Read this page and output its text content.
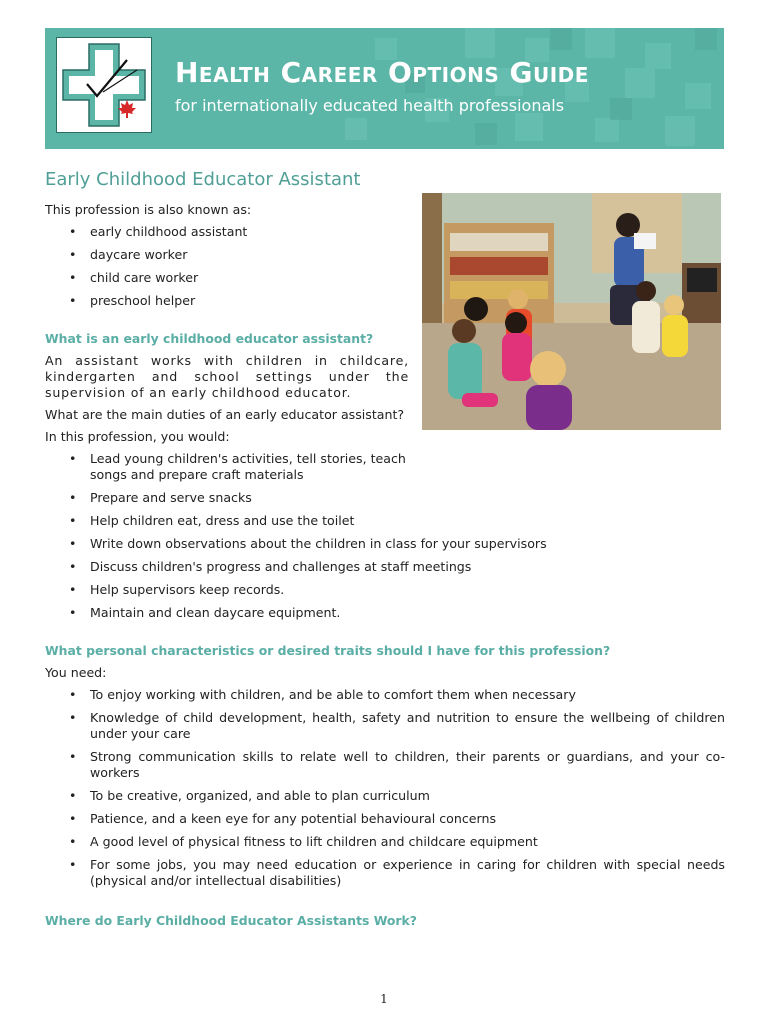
Health Career Options Guide
for internationally educated health professionals
Early Childhood Educator Assistant

This profession is also known as:

• early childhood assistant
• daycare worker
• child care worker
• preschool helper
What is an early childhood educator assistant?

An assistant works with children in childcare, kindergarten and school settings under the supervision of an early childhood educator.

What are the main duties of an early educator assistant?

In this profession, you would:

• Lead young children's activities, tell stories, teach songs and prepare craft materials
• Prepare and serve snacks
• Help children eat, dress and use the toilet
• Write down observations about the children in class for your supervisors
• Discuss children's progress and challenges at staff meetings
• Help supervisors keep records.
• Maintain and clean daycare equipment.
What personal characteristics or desired traits should I have for this profession?

You need:

• To enjoy working with children, and be able to comfort them when necessary
• Knowledge of child development, health, safety and nutrition to ensure the wellbeing of children under your care
• Strong communication skills to relate well to children, their parents or guardians, and your co-workers
• To be creative, organized, and able to plan curriculum
• Patience, and a keen eye for any potential behavioural concerns
• A good level of physical fitness to lift children and childcare equipment
• For some jobs, you may need education or experience in caring for children with special needs (physical and/or intellectual disabilities)
Where do Early Childhood Educator Assistants Work?
1
